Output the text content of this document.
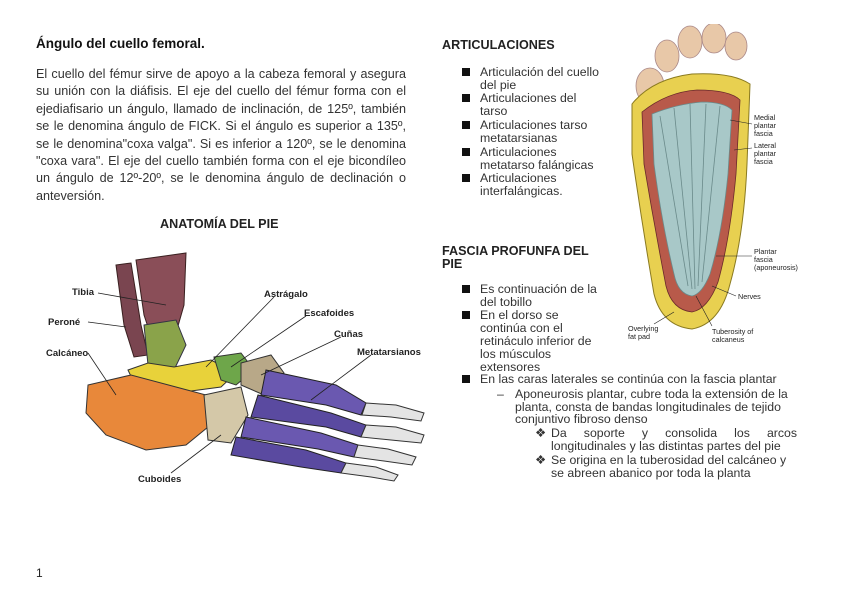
Ángulo del cuello femoral.

El cuello del fémur sirve de apoyo a la cabeza femoral y asegura su unión con la diáfisis. El eje del cuello del fémur forma con el ejediafisario un ángulo, llamado de inclinación, de 125º, también se le denomina ángulo de FICK. Si el ángulo es superior a 135º, se le denomina"coxa valga". Si es inferior a 120º, se le denomina "coxa vara". El eje del cuello también forma con el eje bicondíleo un ángulo de 12º-20º, se le denomina ángulo de declinación o anteversión.

ANATOMÍA DEL PIE
Tibia
Peroné
Calcáneo
Astrágalo
Escafoides
Cuñas
Metatarsianos
Cuboides
ARTICULACIONES
Articulación del cuello
del pie
Articulaciones del
tarso
Articulaciones tarso
metatarsianas
Articulaciones
metatarso falángicas
Articulaciones
interfalángicas.
FASCIA PROFUNFA DEL
PIE
Es continuación de la
del tobillo
En el dorso se
continúa con el
retináculo inferior de
los músculos
extensores
En las caras laterales se continúa con la fascia plantar
– Aponeurosis plantar, cubre toda la extensión de la
planta, consta de bandas longitudinales de tejido
conjuntivo fibroso denso
❖ Da     soporte     y     consolida     los     arcos
longitudinales y las distintas partes del pie
❖ Se origina en la tuberosidad del calcáneo y
se abreen abanico por toda la planta
Medial plantar fascia
Lateral plantar fascia
Plantar fascia (aponeurosis)
Nerves
Overlying fat pad
Tuberosity of calcaneus
1
